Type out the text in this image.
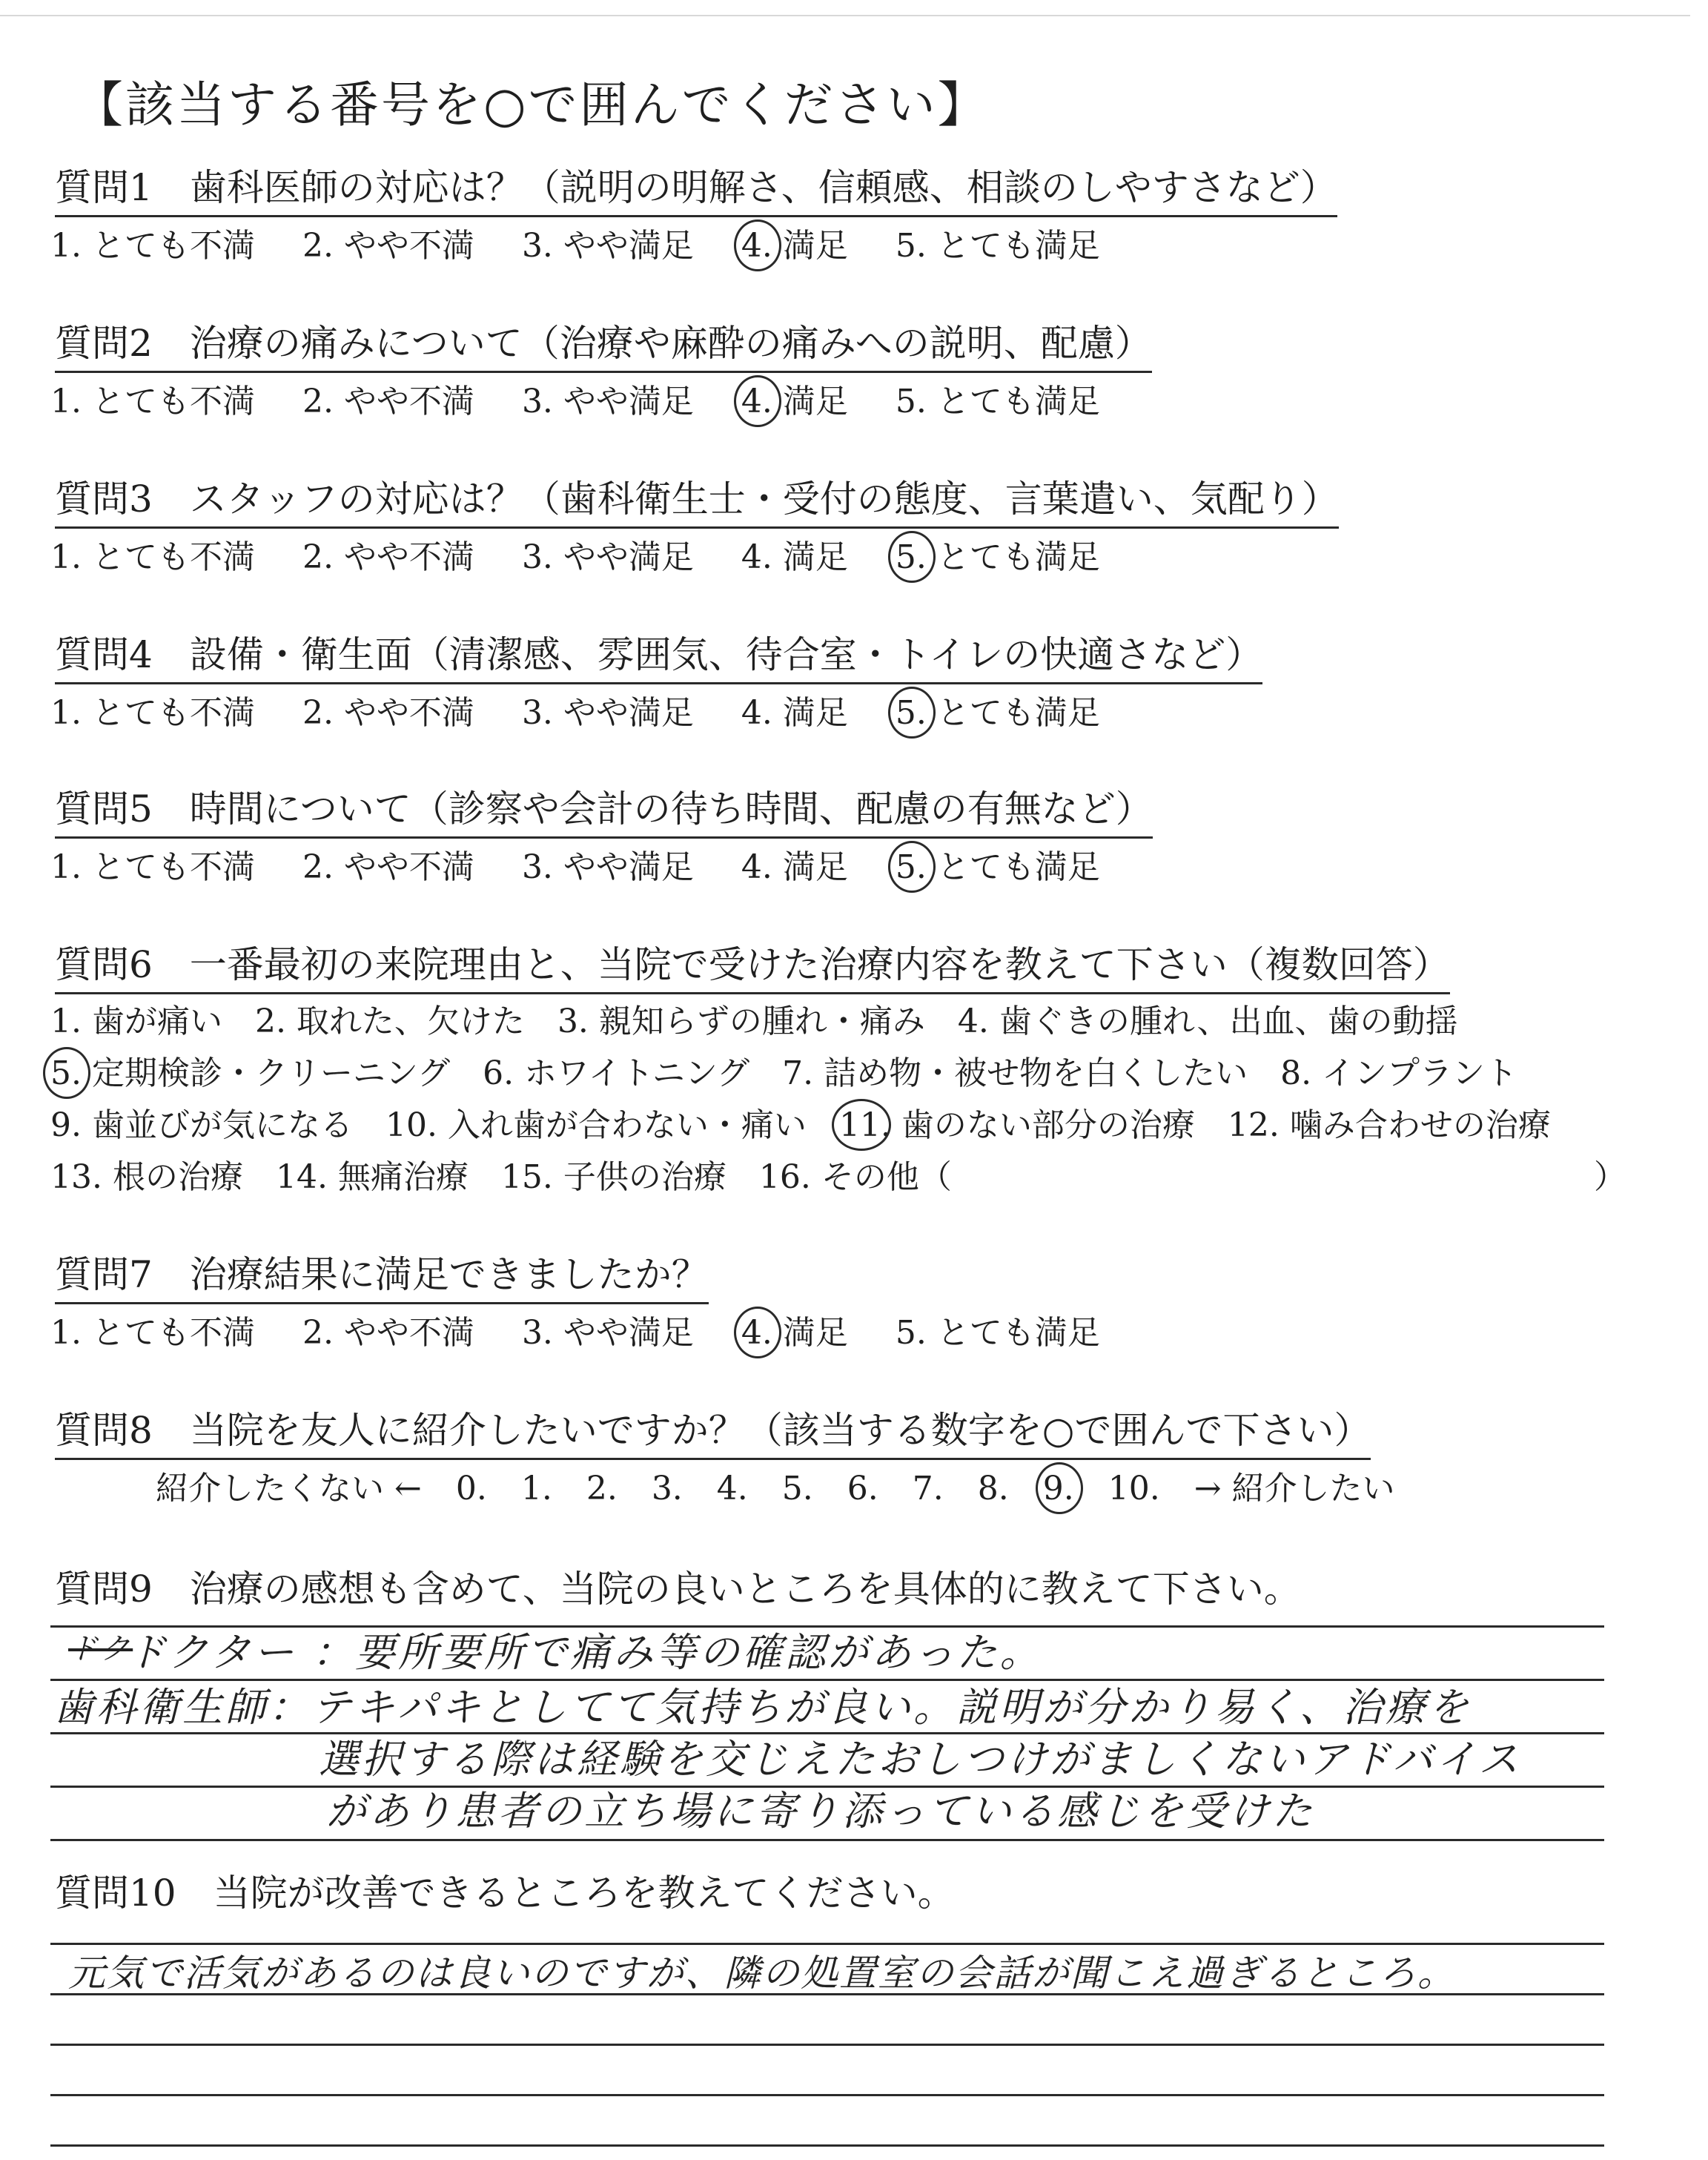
【該当する番号を○で囲んでください】
質問1　歯科医師の対応は？（説明の明解さ、信頼感、相談のしやすさなど）
1. とても不満 2. やや不満 3. やや満足 4. 満足 5. とても満足
質問2　治療の痛みについて（治療や麻酔の痛みへの説明、配慮）
1. とても不満 2. やや不満 3. やや満足 4. 満足 5. とても満足
質問3　スタッフの対応は？（歯科衛生士・受付の態度、言葉遣い、気配り）
1. とても不満 2. やや不満 3. やや満足 4. 満足 5. とても満足
質問4　設備・衛生面（清潔感、雰囲気、待合室・トイレの快適さなど）
1. とても不満 2. やや不満 3. やや満足 4. 満足 5. とても満足
質問5　時間について（診察や会計の待ち時間、配慮の有無など）
1. とても不満 2. やや不満 3. やや満足 4. 満足 5. とても満足
質問6　一番最初の来院理由と、当院で受けた治療内容を教えて下さい（複数回答）
1. 歯が痛い 2. 取れた、欠けた 3. 親知らずの腫れ・痛み 4. 歯ぐきの腫れ、出血、歯の動揺
5. 定期検診・クリーニング 6. ホワイトニング 7. 詰め物・被せ物を白くしたい 8. インプラント
9. 歯並びが気になる 10. 入れ歯が合わない・痛い 11. 歯のない部分の治療 12. 噛み合わせの治療
13. 根の治療 14. 無痛治療 15. 子供の治療 16. その他（	）
質問7　治療結果に満足できましたか？
1. とても不満 2. やや不満 3. やや満足 4. 満足 5. とても満足
質問8　当院を友人に紹介したいですか？（該当する数字を○で囲んで下さい）
紹介したくない ← 0. 1. 2. 3. 4. 5. 6. 7. 8. 9. 10. → 紹介したい
質問9　治療の感想も含めて、当院の良いところを具体的に教えて下さい。
ドク
ドクター ：要所要所で痛み等の確認があった。
歯科衛生師：テキパキとしてて気持ちが良い。説明が分かり易く、治療を
選択する際は経験を交じえたおしつけがましくないアドバイス
があり患者の立ち場に寄り添っている感じを受けた
質問10　当院が改善できるところを教えてください。
元気で活気があるのは良いのですが、隣の処置室の会話が聞こえ過ぎるところ。
